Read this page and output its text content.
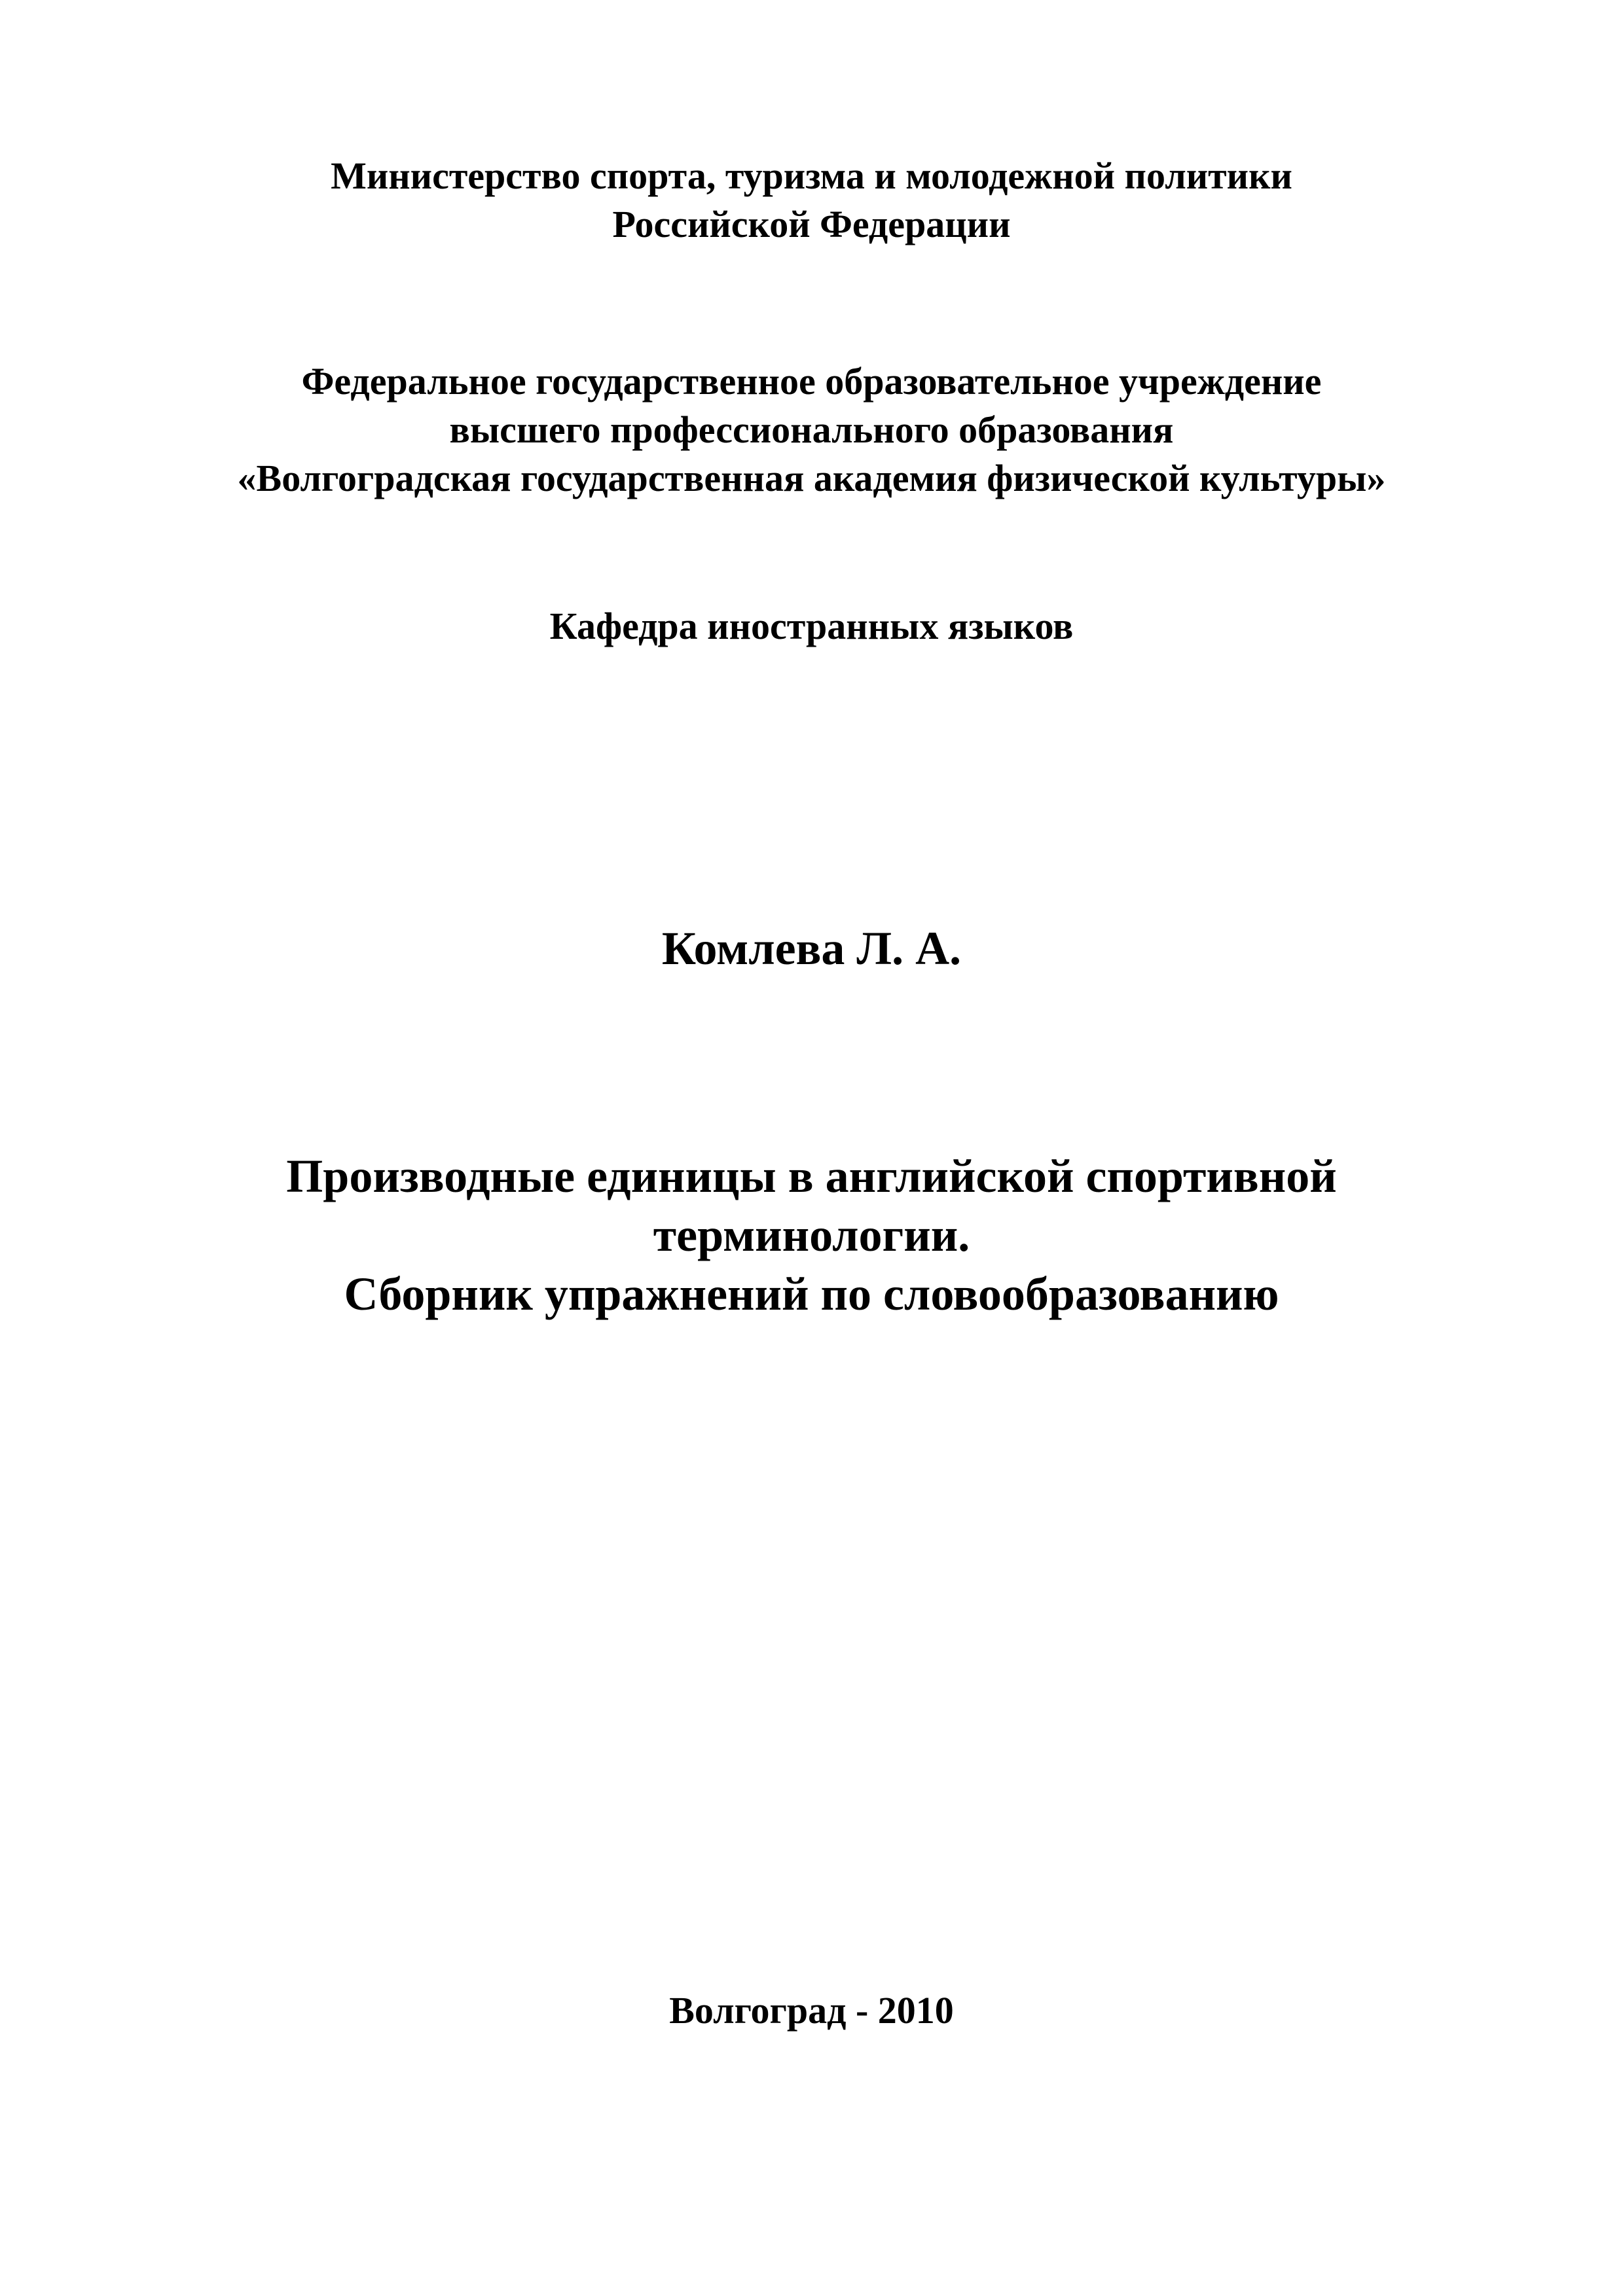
Министерство спорта, туризма и молодежной политики
Российской Федерации
Федеральное государственное образовательное учреждение
высшего профессионального образования
«Волгоградская государственная академия физической культуры»
Кафедра иностранных языков
Комлева Л. А.
Производные единицы в английской спортивной
терминологии.
Сборник упражнений по словообразованию
Волгоград - 2010
